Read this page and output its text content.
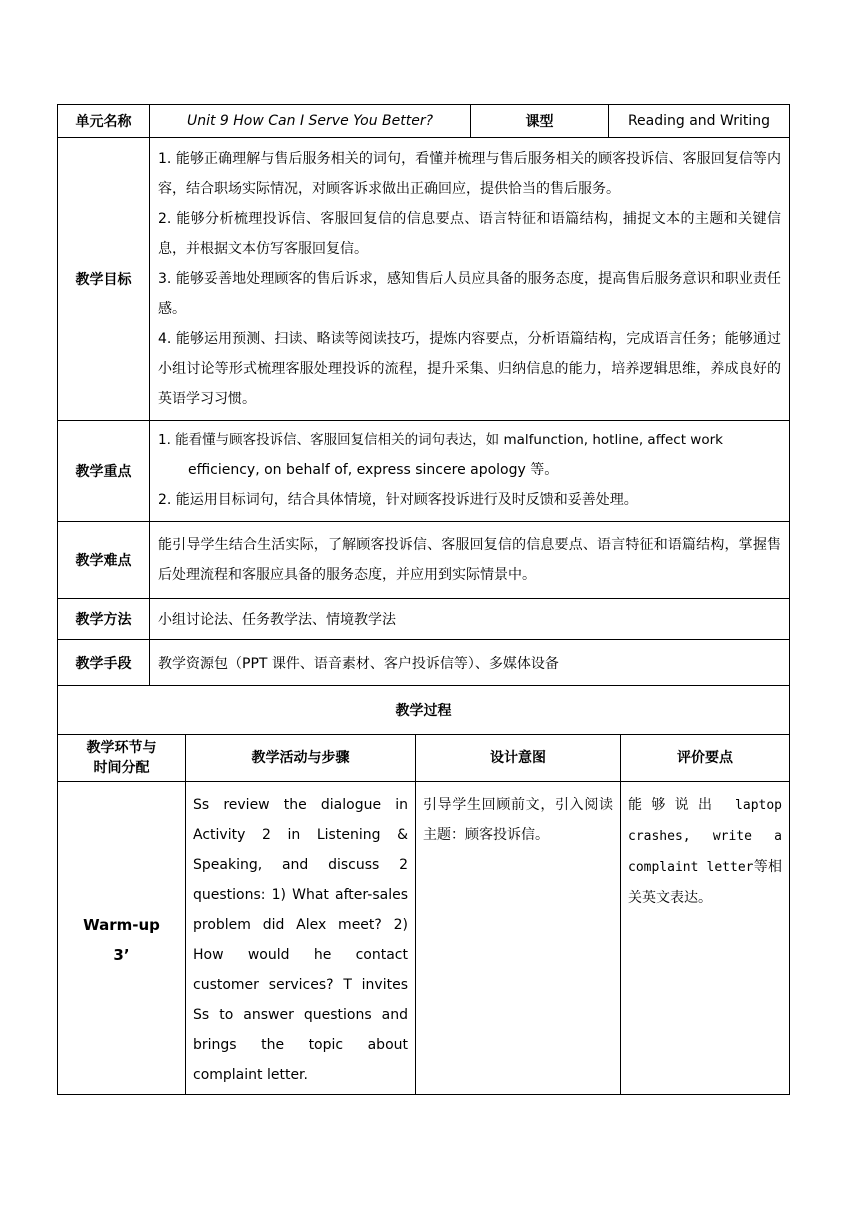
单元名称	Unit 9 How Can I Serve You Better?	课型	Reading and Writing
教学目标	1. 能够正确理解与售后服务相关的词句，看懂并梳理与售后服务相关的顾客投诉信、客服回复信等内容，结合职场实际情况，对顾客诉求做出正确回应，提供恰当的售后服务。

2. 能够分析梳理投诉信、客服回复信的信息要点、语言特征和语篇结构，捕捉文本的主题和关键信息，并根据文本仿写客服回复信。

3. 能够妥善地处理顾客的售后诉求，感知售后人员应具备的服务态度，提高售后服务意识和职业责任感。

4. 能够运用预测、扫读、略读等阅读技巧，提炼内容要点，分析语篇结构，完成语言任务；能够通过小组讨论等形式梳理客服处理投诉的流程，提升采集、归纳信息的能力，培养逻辑思维，养成良好的英语学习习惯。		

教学重点	1. 能看懂与顾客投诉信、客服回复信相关的词句表达，如 malfunction, hotline, affect work

efficiency, on behalf of, express sincere apology 等。

2. 能运用目标词句，结合具体情境，针对顾客投诉进行及时反馈和妥善处理。		

教学难点	能引导学生结合生活实际，了解顾客投诉信、客服回复信的信息要点、语言特征和语篇结构，掌握售后处理流程和客服应具备的服务态度，并应用到实际情景中。		
教学方法	小组讨论法、任务教学法、情境教学法		
教学手段	教学资源包（PPT 课件、语音素材、客户投诉信等）、多媒体设备		
教学过程			

教学环节与
时间分配	教学活动与步骤	设计意图	评价要点

Warm-up
3’	Ss review the dialogue in Activity 2 in Listening & Speaking, and discuss 2 questions: 1) What after-sales problem did Alex meet? 2) How would he contact customer services? T invites Ss to answer questions and brings the topic about complaint letter.	引导学生回顾前文，引入阅读主题：顾客投诉信。	能够说出 laptop crashes, write a complaint letter等相关英文表达。
